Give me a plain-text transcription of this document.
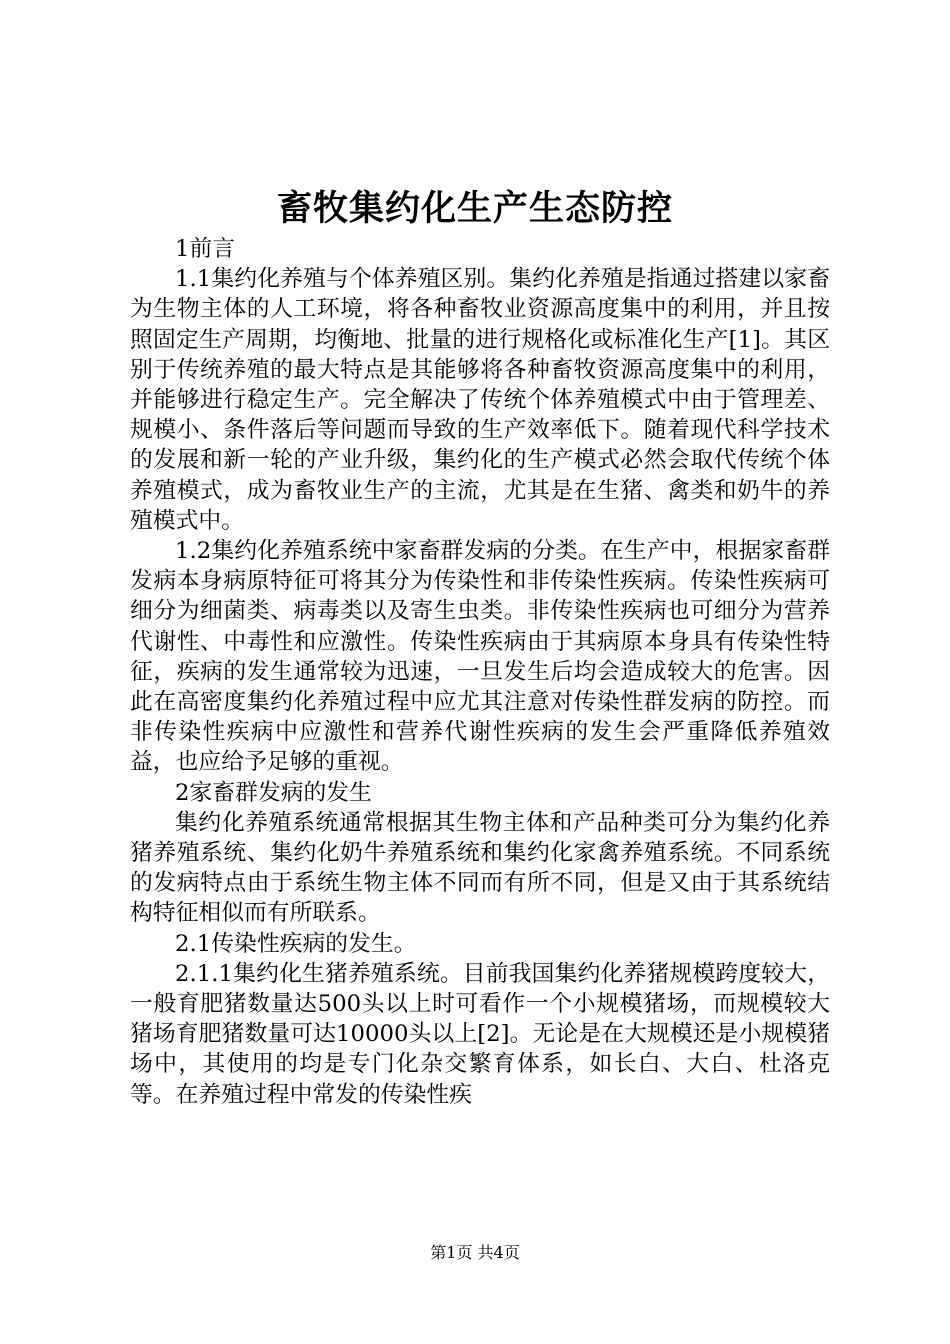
畜牧集约化生产生态防控

1前言

1.1集约化养殖与个体养殖区别。集约化养殖是指通过搭建以家畜为生物主体的人工环境，将各种畜牧业资源高度集中的利用，并且按照固定生产周期，均衡地、批量的进行规格化或标准化生产[1]。其区别于传统养殖的最大特点是其能够将各种畜牧资源高度集中的利用，并能够进行稳定生产。完全解决了传统个体养殖模式中由于管理差、规模小、条件落后等问题而导致的生产效率低下。随着现代科学技术的发展和新一轮的产业升级，集约化的生产模式必然会取代传统个体养殖模式，成为畜牧业生产的主流，尤其是在生猪、禽类和奶牛的养殖模式中。

1.2集约化养殖系统中家畜群发病的分类。在生产中，根据家畜群发病本身病原特征可将其分为传染性和非传染性疾病。传染性疾病可细分为细菌类、病毒类以及寄生虫类。非传染性疾病也可细分为营养代谢性、中毒性和应激性。传染性疾病由于其病原本身具有传染性特征，疾病的发生通常较为迅速，一旦发生后均会造成较大的危害。因此在高密度集约化养殖过程中应尤其注意对传染性群发病的防控。而非传染性疾病中应激性和营养代谢性疾病的发生会严重降低养殖效益，也应给予足够的重视。

2家畜群发病的发生

集约化养殖系统通常根据其生物主体和产品种类可分为集约化养猪养殖系统、集约化奶牛养殖系统和集约化家禽养殖系统。不同系统的发病特点由于系统生物主体不同而有所不同，但是又由于其系统结构特征相似而有所联系。

2.1传染性疾病的发生。

2.1.1集约化生猪养殖系统。目前我国集约化养猪规模跨度较大，一般育肥猪数量达500头以上时可看作一个小规模猪场，而规模较大猪场育肥猪数量可达10000头以上[2]。无论是在大规模还是小规模猪场中，其使用的均是专门化杂交繁育体系，如长白、大白、杜洛克等。在养殖过程中常发的传染性疾

第1页 共4页
